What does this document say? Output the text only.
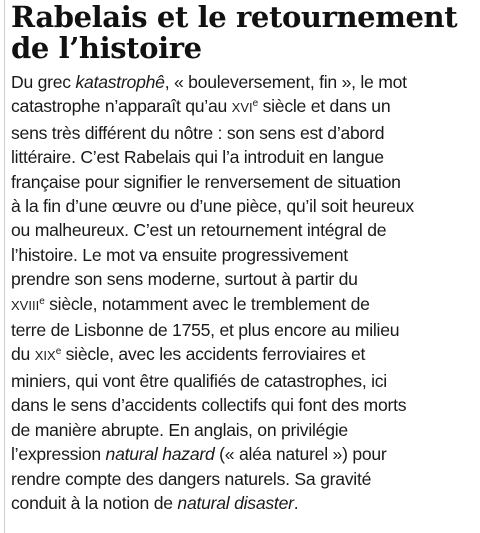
Rabelais et le retournement
de l’histoire
Du grec katastrophê, « bouleversement, fin », le mot
catastrophe n’apparaît qu’au XVIe siècle et dans un
sens très différent du nôtre : son sens est d’abord
littéraire. C’est Rabelais qui l’a introduit en langue
française pour signifier le renversement de situation
à la fin d’une œuvre ou d’une pièce, qu’il soit heureux
ou malheureux. C’est un retournement intégral de
l’histoire. Le mot va ensuite progressivement
prendre son sens moderne, surtout à partir du
XVIIIe siècle, notamment avec le tremblement de
terre de Lisbonne de 1755, et plus encore au milieu
du XIXe siècle, avec les accidents ferroviaires et
miniers, qui vont être qualifiés de catastrophes, ici
dans le sens d’accidents collectifs qui font des morts
de manière abrupte. En anglais, on privilégie
l’expression natural hazard (« aléa naturel ») pour
rendre compte des dangers naturels. Sa gravité
conduit à la notion de natural disaster.
